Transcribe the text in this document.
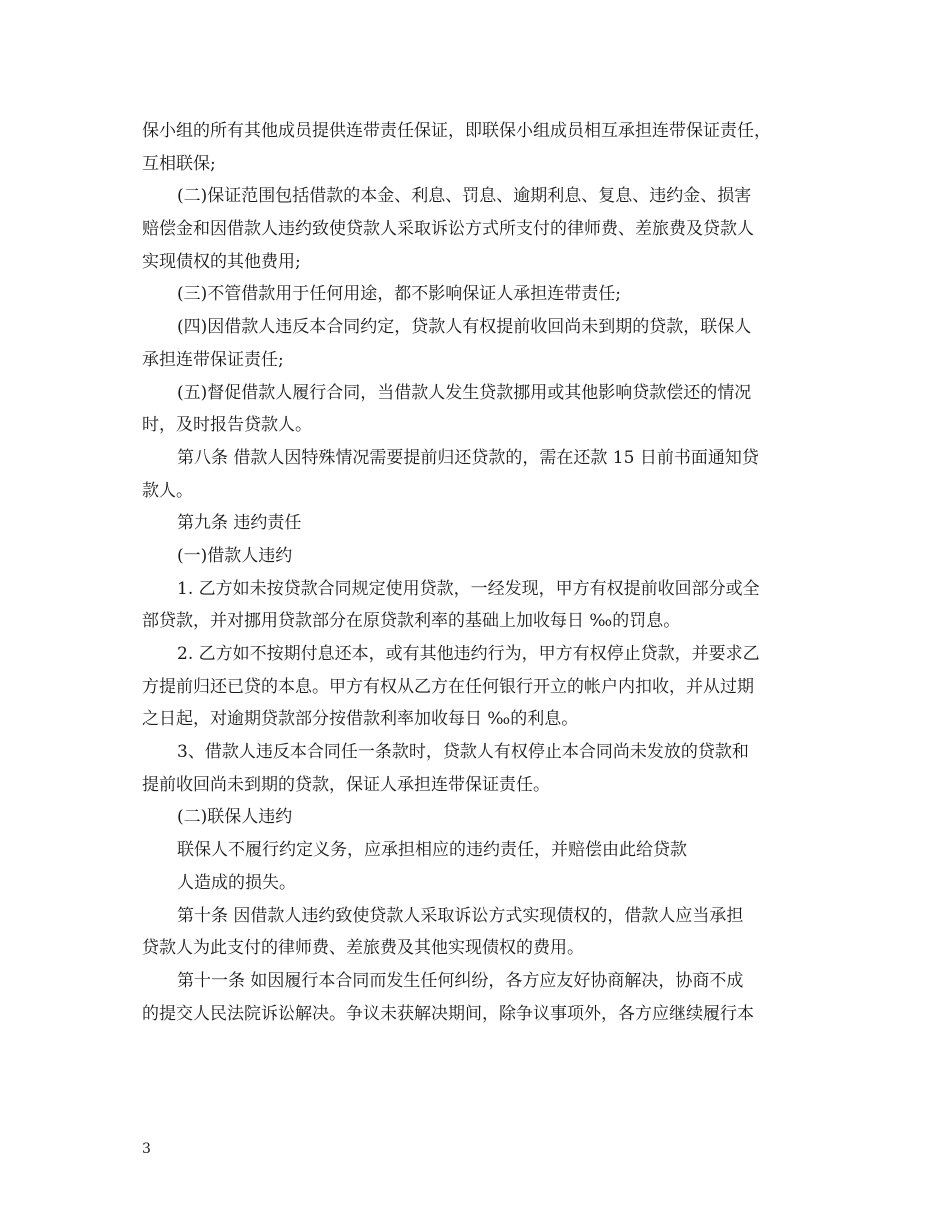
保小组的所有其他成员提供连带责任保证，即联保小组成员相互承担连带保证责任，
互相联保;
(二)保证范围包括借款的本金、利息、罚息、逾期利息、复息、违约金、损害
赔偿金和因借款人违约致使贷款人采取诉讼方式所支付的律师费、差旅费及贷款人
实现债权的其他费用;
(三)不管借款用于任何用途，都不影响保证人承担连带责任;
(四)因借款人违反本合同约定，贷款人有权提前收回尚未到期的贷款，联保人
承担连带保证责任;
(五)督促借款人履行合同，当借款人发生贷款挪用或其他影响贷款偿还的情况
时，及时报告贷款人。
第八条 借款人因特殊情况需要提前归还贷款的，需在还款 15 日前书面通知贷
款人。
第九条 违约责任
(一)借款人违约
1. 乙方如未按贷款合同规定使用贷款，一经发现，甲方有权提前收回部分或全
部贷款，并对挪用贷款部分在原贷款利率的基础上加收每日 ‰的罚息。
2. 乙方如不按期付息还本，或有其他违约行为，甲方有权停止贷款，并要求乙
方提前归还已贷的本息。甲方有权从乙方在任何银行开立的帐户内扣收，并从过期
之日起，对逾期贷款部分按借款利率加收每日 ‰的利息。
3、借款人违反本合同任一条款时，贷款人有权停止本合同尚未发放的贷款和
提前收回尚未到期的贷款，保证人承担连带保证责任。
(二)联保人违约
联保人不履行约定义务，应承担相应的违约责任，并赔偿由此给贷款
人造成的损失。
第十条 因借款人违约致使贷款人采取诉讼方式实现债权的，借款人应当承担
贷款人为此支付的律师费、差旅费及其他实现债权的费用。
第十一条 如因履行本合同而发生任何纠纷，各方应友好协商解决，协商不成
的提交人民法院诉讼解决。争议未获解决期间，除争议事项外，各方应继续履行本
3
